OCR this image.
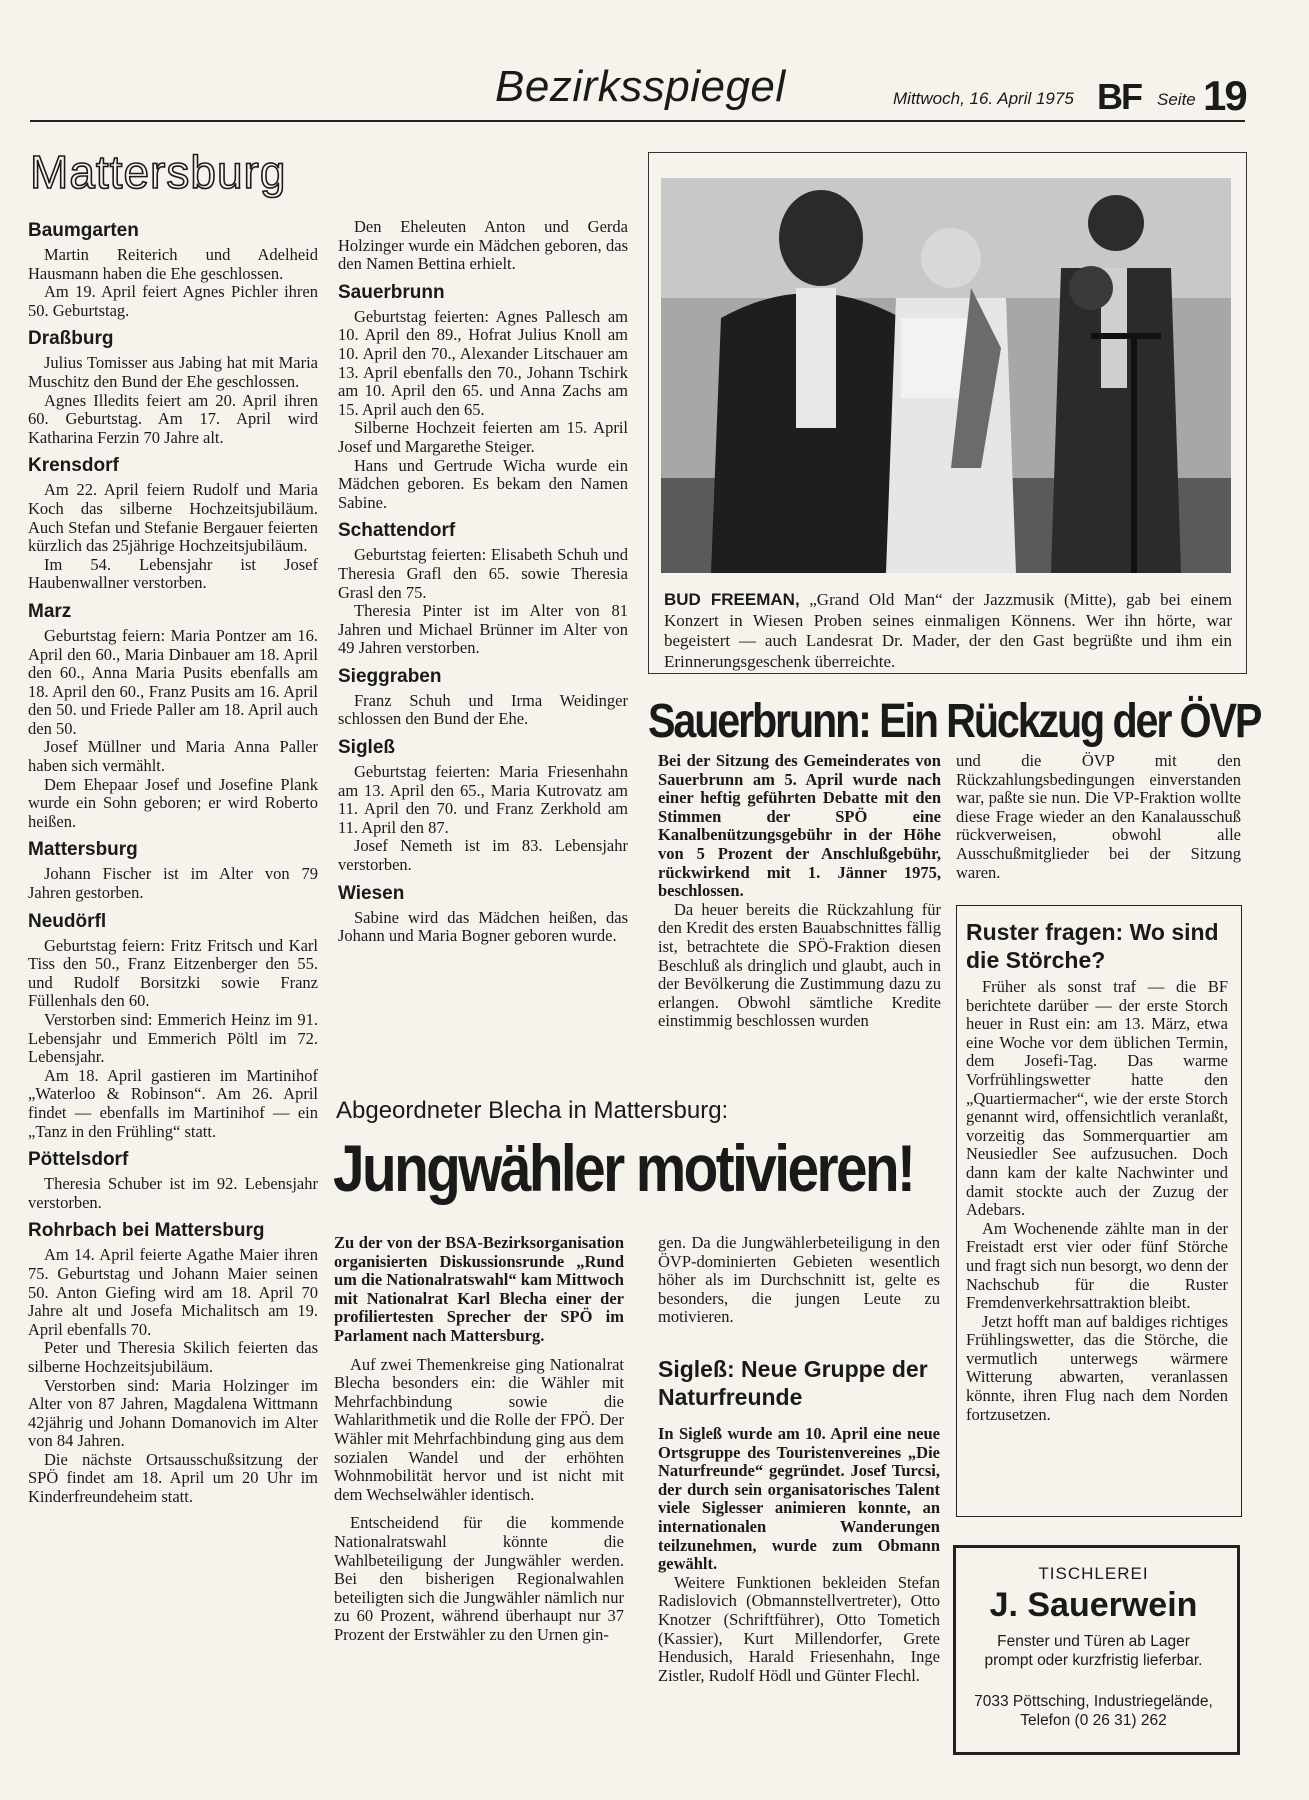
Bezirksspiegel	Mittwoch, 16. April 1975 BF Seite 19
Mattersburg
Baumgarten

Martin Reiterich und Adelheid Hausmann haben die Ehe geschlossen.

Am 19. April feiert Agnes Pichler ihren 50. Geburtstag.

Draßburg

Julius Tomisser aus Jabing hat mit Maria Muschitz den Bund der Ehe geschlossen.

Agnes Illedits feiert am 20. April ihren 60. Geburtstag. Am 17. April wird Katharina Ferzin 70 Jahre alt.

Krensdorf

Am 22. April feiern Rudolf und Maria Koch das silberne Hochzeitsjubiläum. Auch Stefan und Stefanie Bergauer feierten kürzlich das 25jährige Hochzeitsjubiläum.

Im 54. Lebensjahr ist Josef Haubenwallner verstorben.

Marz

Geburtstag feiern: Maria Pontzer am 16. April den 60., Maria Dinbauer am 18. April den 60., Anna Maria Pusits ebenfalls am 18. April den 60., Franz Pusits am 16. April den 50. und Friede Paller am 18. April auch den 50.

Josef Müllner und Maria Anna Paller haben sich vermählt.

Dem Ehepaar Josef und Josefine Plank wurde ein Sohn geboren; er wird Roberto heißen.

Mattersburg

Johann Fischer ist im Alter von 79 Jahren gestorben.

Neudörfl

Geburtstag feiern: Fritz Fritsch und Karl Tiss den 50., Franz Eitzenberger den 55. und Rudolf Borsitzki sowie Franz Füllenhals den 60.

Verstorben sind: Emmerich Heinz im 91. Lebensjahr und Emmerich Pöltl im 72. Lebensjahr.

Am 18. April gastieren im Martinihof „Waterloo & Robinson“. Am 26. April findet — ebenfalls im Martinihof — ein „Tanz in den Frühling“ statt.

Pöttelsdorf

Theresia Schuber ist im 92. Lebensjahr verstorben.

Rohrbach bei Mattersburg

Am 14. April feierte Agathe Maier ihren 75. Geburtstag und Johann Maier seinen 50. Anton Giefing wird am 18. April 70 Jahre alt und Josefa Michalitsch am 19. April ebenfalls 70.

Peter und Theresia Skilich feierten das silberne Hochzeitsjubiläum.

Verstorben sind: Maria Holzinger im Alter von 87 Jahren, Magdalena Wittmann 42jährig und Johann Domanovich im Alter von 84 Jahren.

Die nächste Ortsausschußsitzung der SPÖ findet am 18. April um 20 Uhr im Kinderfreundeheim statt.

Den Eheleuten Anton und Gerda Holzinger wurde ein Mädchen geboren, das den Namen Bettina erhielt.

Sauerbrunn

Geburtstag feierten: Agnes Pallesch am 10. April den 89., Hofrat Julius Knoll am 10. April den 70., Alexander Litschauer am 13. April ebenfalls den 70., Johann Tschirk am 10. April den 65. und Anna Zachs am 15. April auch den 65.

Silberne Hochzeit feierten am 15. April Josef und Margarethe Steiger.

Hans und Gertrude Wicha wurde ein Mädchen geboren. Es bekam den Namen Sabine.

Schattendorf

Geburtstag feierten: Elisabeth Schuh und Theresia Grafl den 65. sowie Theresia Grasl den 75.

Theresia Pinter ist im Alter von 81 Jahren und Michael Brünner im Alter von 49 Jahren verstorben.

Sieggraben

Franz Schuh und Irma Weidinger schlossen den Bund der Ehe.

Sigleß

Geburtstag feierten: Maria Friesenhahn am 13. April den 65., Maria Kutrovatz am 11. April den 70. und Franz Zerkhold am 11. April den 87.

Josef Nemeth ist im 83. Lebensjahr verstorben.

Wiesen

Sabine wird das Mädchen heißen, das Johann und Maria Bogner geboren wurde.

BUD FREEMAN, „Grand Old Man“ der Jazzmusik (Mitte), gab bei einem Konzert in Wiesen Proben seines einmaligen Könnens. Wer ihn hörte, war begeistert — auch Landesrat Dr. Mader, der den Gast begrüßte und ihm ein Erinnerungsgeschenk überreichte.
Sauerbrunn: Ein Rückzug der ÖVP

Bei der Sitzung des Gemeinderates von Sauerbrunn am 5. April wurde nach einer heftig geführten Debatte mit den Stimmen der SPÖ eine Kanalbenützungsgebühr in der Höhe von 5 Prozent der Anschlußgebühr, rückwirkend mit 1. Jänner 1975, beschlossen.

Da heuer bereits die Rückzahlung für den Kredit des ersten Bauabschnittes fällig ist, betrachtete die SPÖ-Fraktion diesen Beschluß als dringlich und glaubt, auch in der Bevölkerung die Zustimmung dazu zu erlangen. Obwohl sämtliche Kredite einstimmig beschlossen wurden

und die ÖVP mit den Rückzahlungsbedingungen einverstanden war, paßte sie nun. Die VP-Fraktion wollte diese Frage wieder an den Kanalausschuß rückverweisen, obwohl alle Ausschußmitglieder bei der Sitzung waren.

Abgeordneter Blecha in Mattersburg:
Jungwähler motivieren!

Zu der von der BSA-Bezirksorganisation organisierten Diskussionsrunde „Rund um die Nationalratswahl“ kam Mittwoch mit Nationalrat Karl Blecha einer der profiliertesten Sprecher der SPÖ im Parlament nach Mattersburg.

Auf zwei Themenkreise ging Nationalrat Blecha besonders ein: die Wähler mit Mehrfachbindung sowie die Wahlarithmetik und die Rolle der FPÖ. Der Wähler mit Mehrfachbindung ging aus dem sozialen Wandel und der erhöhten Wohnmobilität hervor und ist nicht mit dem Wechselwähler identisch.

Entscheidend für die kommende Nationalratswahl könnte die Wahlbeteiligung der Jungwähler werden. Bei den bisherigen Regionalwahlen beteiligten sich die Jungwähler nämlich nur zu 60 Prozent, während überhaupt nur 37 Prozent der Erstwähler zu den Urnen gin-

gen. Da die Jungwählerbeteiligung in den ÖVP-dominierten Gebieten wesentlich höher als im Durchschnitt ist, gelte es besonders, die jungen Leute zu motivieren.

Sigleß: Neue Gruppe der Naturfreunde

In Sigleß wurde am 10. April eine neue Ortsgruppe des Touristenvereines „Die Naturfreunde“ gegründet. Josef Turcsi, der durch sein organisatorisches Talent viele Siglesser animieren konnte, an internationalen Wanderungen teilzunehmen, wurde zum Obmann gewählt.

Weitere Funktionen bekleiden Stefan Radislovich (Obmannstellvertreter), Otto Knotzer (Schriftführer), Otto Tometich (Kassier), Kurt Millendorfer, Grete Hendusich, Harald Friesenhahn, Inge Zistler, Rudolf Hödl und Günter Flechl.

Ruster fragen: Wo sind die Störche?

Früher als sonst traf — die BF berichtete darüber — der erste Storch heuer in Rust ein: am 13. März, etwa eine Woche vor dem üblichen Termin, dem Josefi-Tag. Das warme Vorfrühlingswetter hatte den „Quartiermacher“, wie der erste Storch genannt wird, offensichtlich veranlaßt, vorzeitig das Sommerquartier am Neusiedler See aufzusuchen. Doch dann kam der kalte Nachwinter und damit stockte auch der Zuzug der Adebars.

Am Wochenende zählte man in der Freistadt erst vier oder fünf Störche und fragt sich nun besorgt, wo denn der Nachschub für die Ruster Fremdenverkehrsattraktion bleibt.

Jetzt hofft man auf baldiges richtiges Frühlingswetter, das die Störche, die vermutlich unterwegs wärmere Witterung abwarten, veranlassen könnte, ihren Flug nach dem Norden fortzusetzen.

TISCHLEREI
J. Sauerwein
Fenster und Türen ab Lager
prompt oder kurzfristig lieferbar.
7033 Pöttsching, Industriegelände,
Telefon (0 26 31) 262
